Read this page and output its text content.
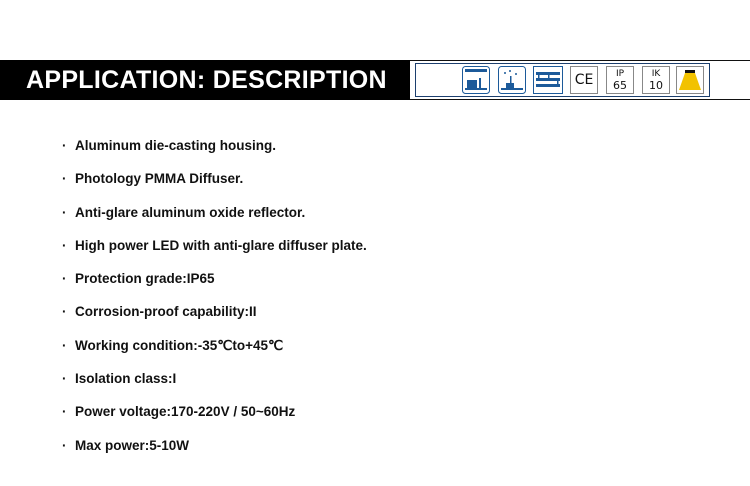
APPLICATION: DESCRIPTION	CE	IP
65
IK
10
· Aluminum die-casting housing.
· Photology PMMA Diffuser.
· Anti-glare aluminum oxide reflector.
· High power LED with anti-glare diffuser plate.
· Protection grade:IP65
· Corrosion-proof capability:II
· Working condition:-35℃to+45℃
· Isolation class:I
· Power voltage:170-220V / 50~60Hz
· Max power:5-10W
